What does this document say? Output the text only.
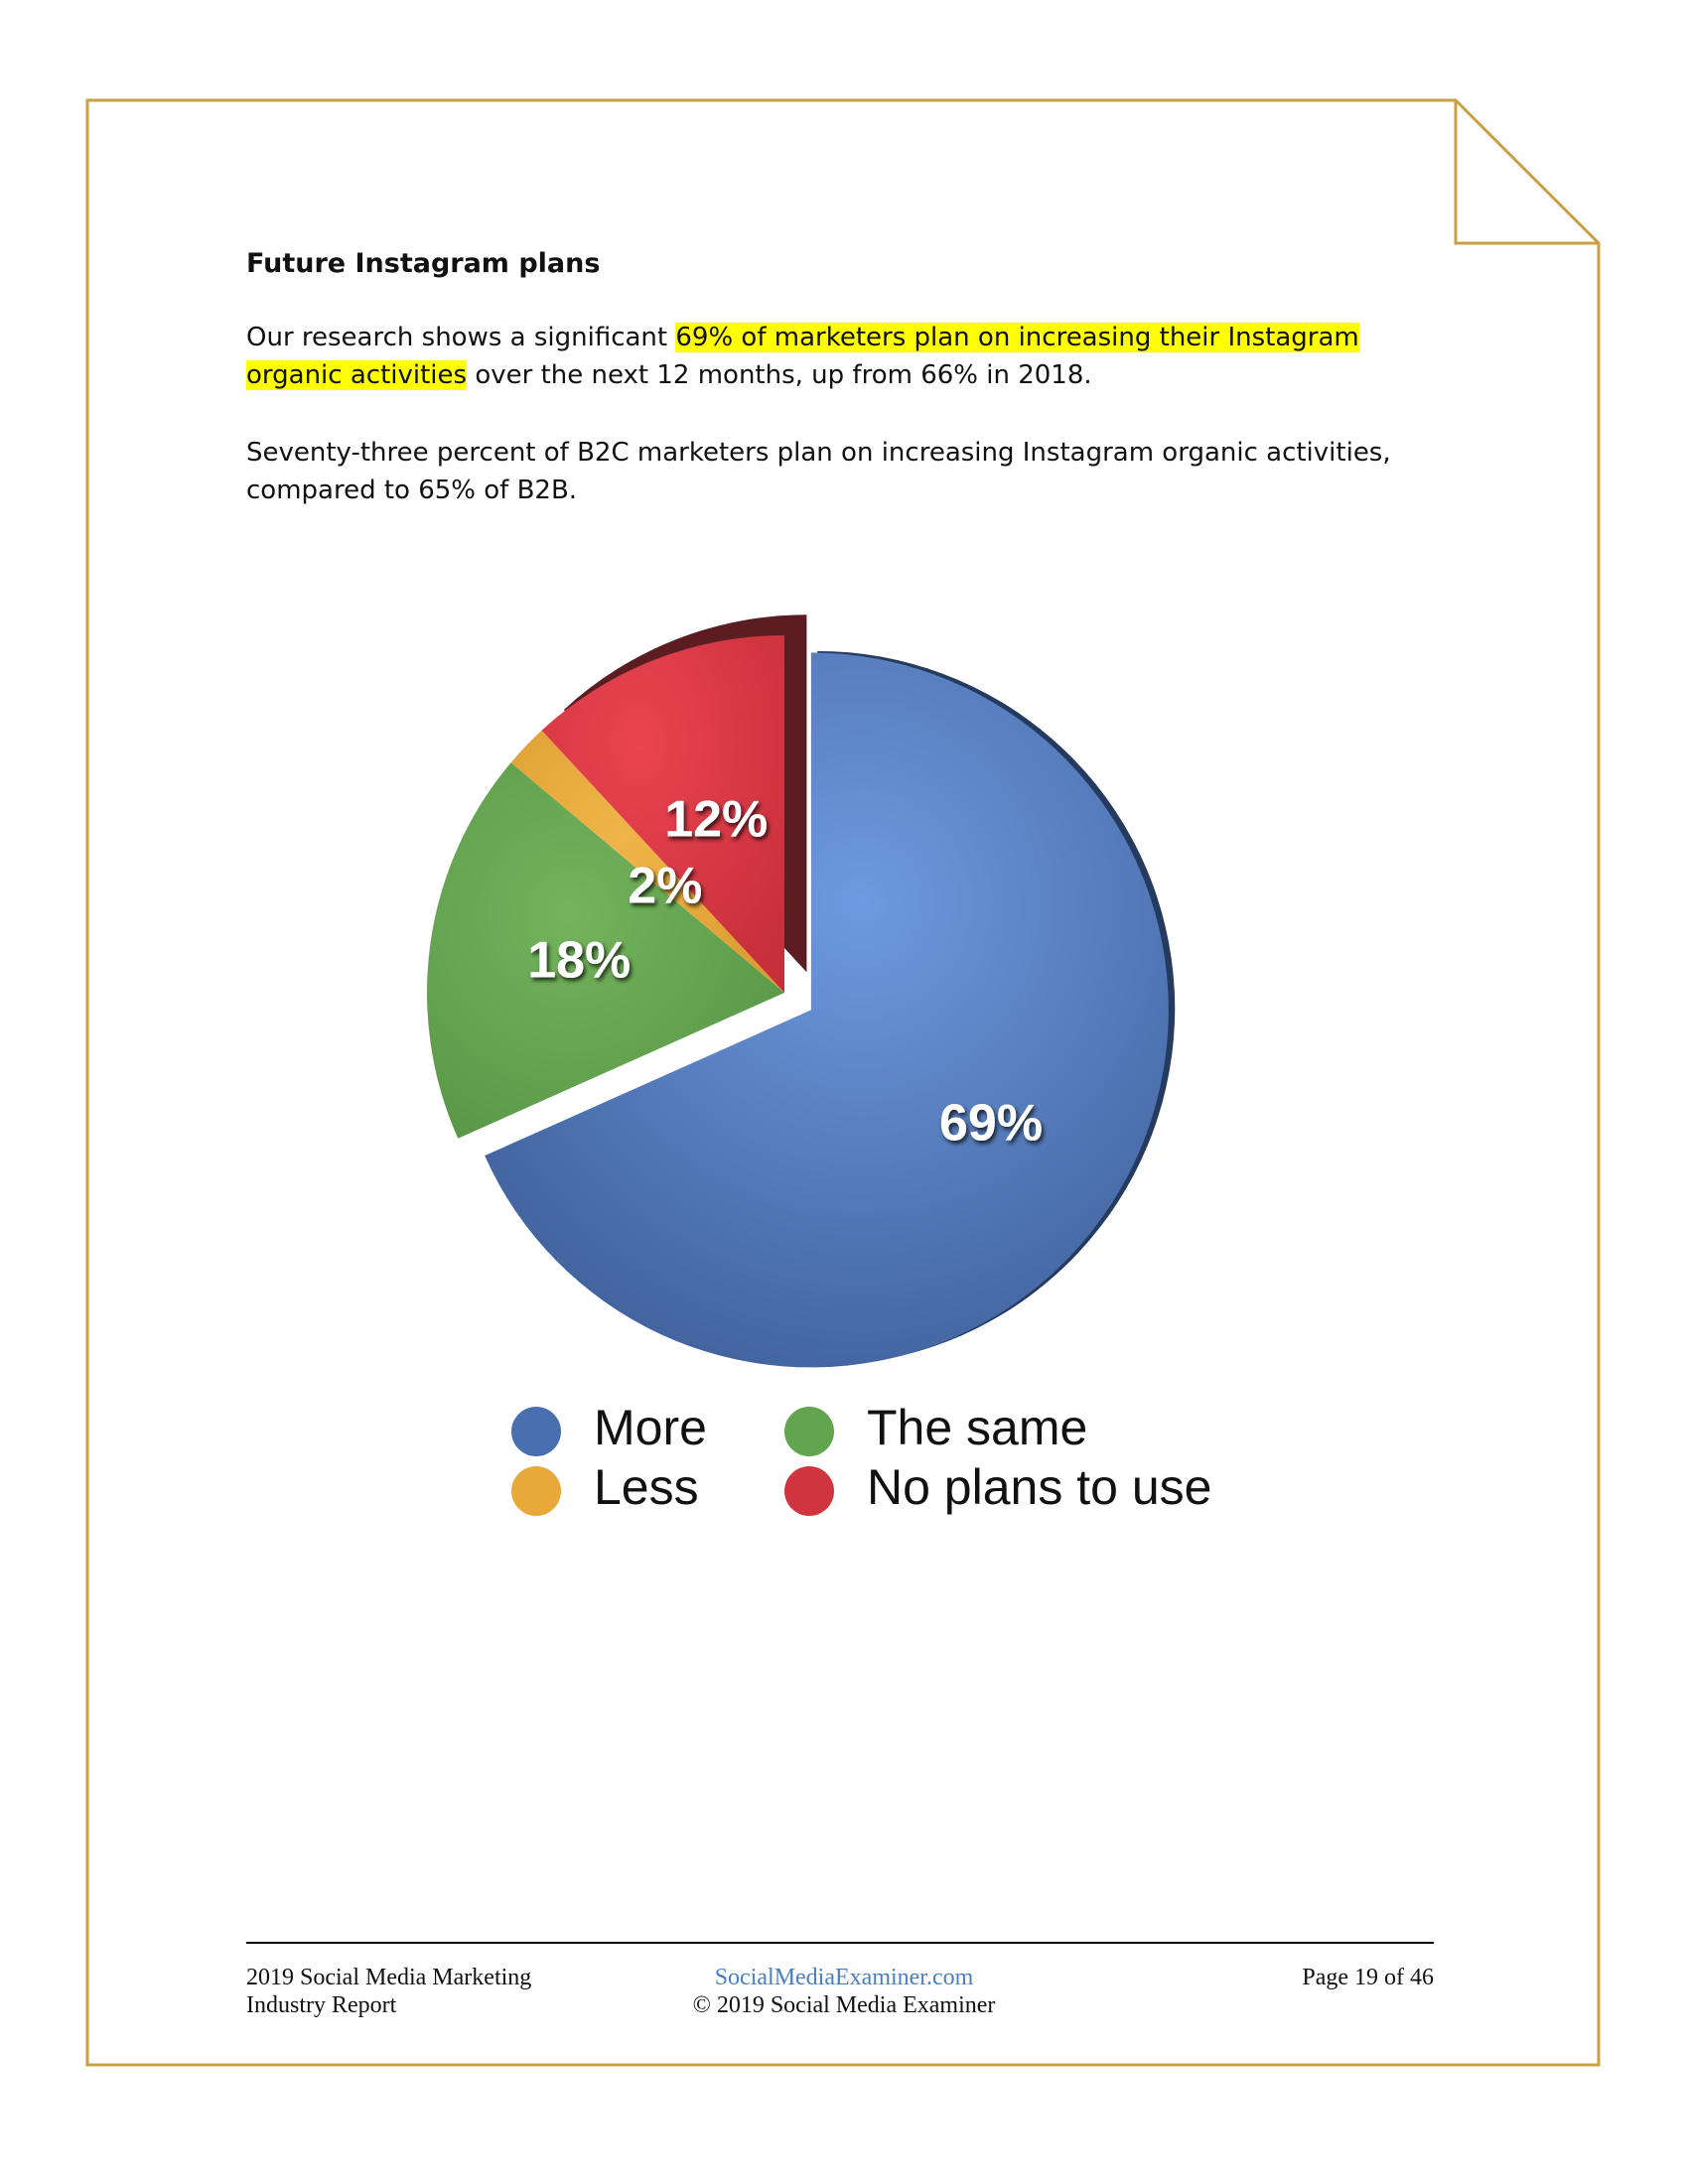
Future Instagram plans

Our research shows a significant 69% of marketers plan on increasing their Instagram organic activities over the next 12 months, up from 66% in 2018.

Seventy-three percent of B2C marketers plan on increasing Instagram organic activities, compared to 65% of B2B.

69%
18%
2%
12%
More	The same
Less	No plans to use
2019 Social Media Marketing
Industry Report
SocialMediaExaminer.com
© 2019 Social Media Examiner
Page 19 of 46
